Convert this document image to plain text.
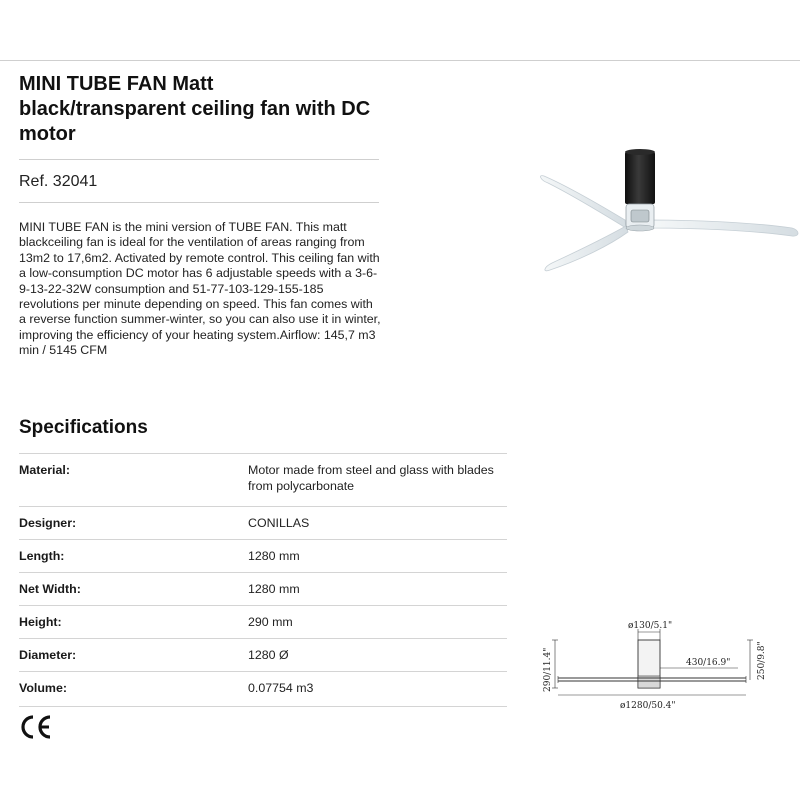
MINI TUBE FAN Matt black/transparent ceiling fan with DC motor
Ref. 32041
MINI TUBE FAN is the mini version of TUBE FAN. This matt blackceiling fan is ideal for the ventilation of areas ranging from 13m2 to 17,6m2. Activated by remote control. This ceiling fan with a low-consumption DC motor has 6 adjustable speeds with a 3-6-9-13-22-32W consumption and 51-77-103-129-155-185 revolutions per minute depending on speed. This fan comes with a reverse function summer-winter, so you can also use it in winter, improving the efficiency of your heating system.Airflow: 145,7 m3 min / 5145 CFM
Specifications
Material:	Motor made from steel and glass with blades from polycarbonate
Designer:	CONILLAS
Length:	1280 mm
Net Width:	1280 mm
Height:	290 mm
Diameter:	1280 Ø
Volume:	0.07754 m3
ø130/5.1"
430/16.9"
290/11.4"	250/9.8"
ø1280/50.4"
